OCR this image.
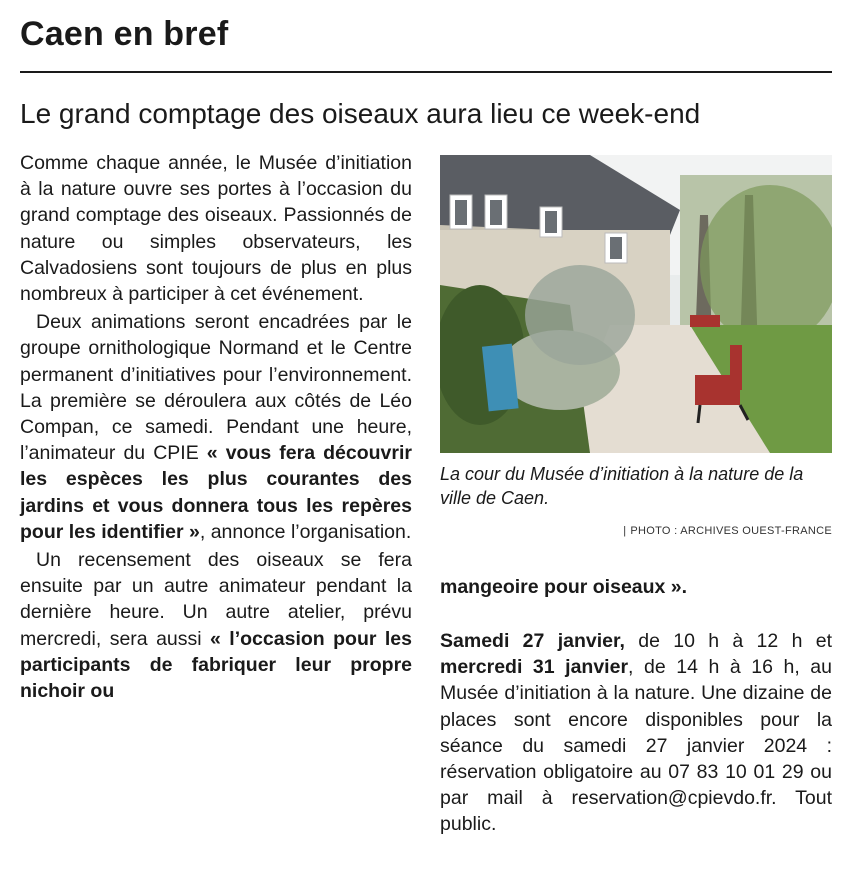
Caen en bref
Le grand comptage des oiseaux aura lieu ce week-end

Comme chaque année, le Musée d’initiation à la nature ouvre ses portes à l’occasion du grand comptage des oiseaux. Passionnés de nature ou simples observateurs, les Calvadosiens sont toujours de plus en plus nombreux à participer à cet événement.

Deux animations seront encadrées par le groupe ornithologique Normand et le Centre permanent d’initiatives pour l’environnement. La première se déroulera aux côtés de Léo Compan, ce samedi. Pendant une heure, l’animateur du CPIE « vous fera découvrir les espèces les plus courantes des jardins et vous donnera tous les repères pour les identifier », annonce l’organisation.

Un recensement des oiseaux se fera ensuite par un autre animateur pendant la dernière heure. Un autre atelier, prévu mercredi, sera aussi « l’occasion pour les participants de fabriquer leur propre nichoir ou

La cour du Musée d’initiation à la nature de la ville de Caen.
| PHOTO : ARCHIVES OUEST-FRANCE

mangeoire pour oiseaux ».

Samedi 27 janvier, de 10 h à 12 h et mercredi 31 janvier, de 14 h à 16 h, au Musée d’initiation à la nature. Une dizaine de places sont encore disponibles pour la séance du samedi 27 janvier 2024 : réservation obligatoire au 07 83 10 01 29 ou par mail à reservation@cpievdo.fr. Tout public.
